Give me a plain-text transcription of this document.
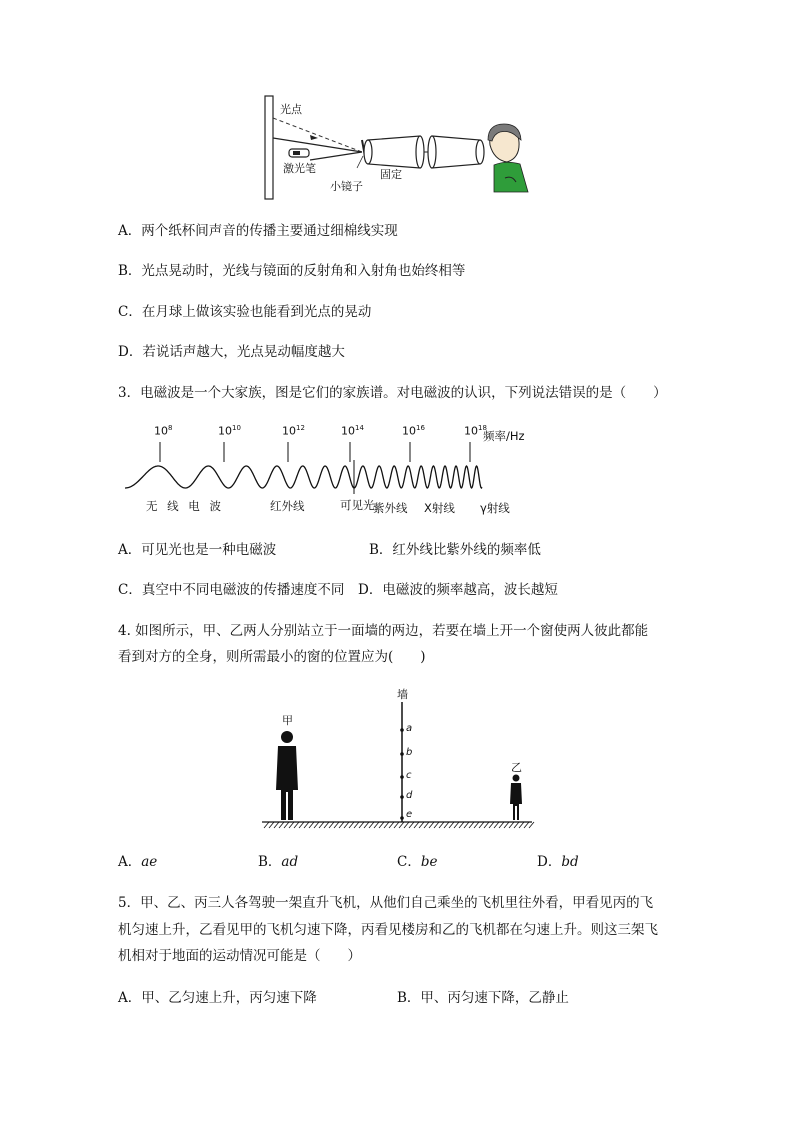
光点
激光笔	固定
小镜子
A．两个纸杯间声音的传播主要通过细棉线实现
B．光点晃动时，光线与镜面的反射角和入射角也始终相等
C．在月球上做该实验也能看到光点的晃动
D．若说话声越大，光点晃动幅度越大
3．电磁波是一个大家族，图是它们的家族谱。对电磁波的认识，下列说法错误的是（　　）
$10^8$	$10^{10}$	$10^{12}$	$10^{14}$	$10^{16}$	$10^{18}$
频率/Hz
无 线 电 波	红外线	可见光
紫外线 X射线 γ射线
A．可见光也是一种电磁波	B．红外线比紫外线的频率低
C．真空中不同电磁波的传播速度不同 D．电磁波的频率越高，波长越短
4. 如图所示，甲、乙两人分别站立于一面墙的两边，若要在墙上开一个窗使两人彼此都能
看到对方的全身，则所需最小的窗的位置应为(　　)
墙
甲
乙
a
b
c
d
e
A．ae	B．ad	C．be	D．bd
5．甲、乙、丙三人各驾驶一架直升飞机，从他们自己乘坐的飞机里往外看，甲看见丙的飞
机匀速上升，乙看见甲的飞机匀速下降，丙看见楼房和乙的飞机都在匀速上升。则这三架飞
机相对于地面的运动情况可能是（　　）
A．甲、乙匀速上升，丙匀速下降	B．甲、丙匀速下降，乙静止
